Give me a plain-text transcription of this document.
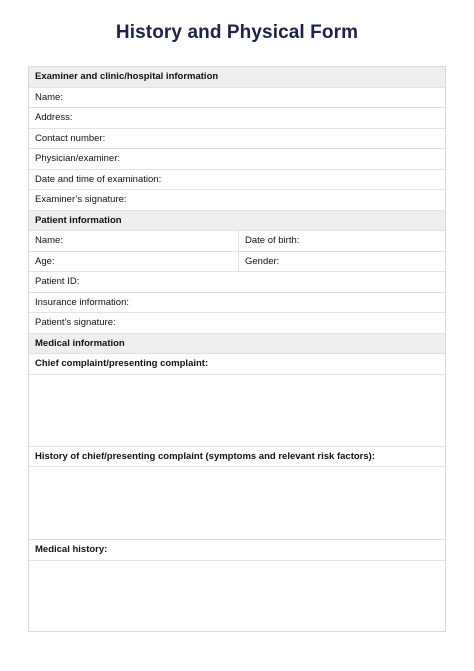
History and Physical Form
Examiner and clinic/hospital information
Name:
Address:
Contact number:
Physician/examiner:
Date and time of examination:
Examiner’s signature:
Patient information
Name:	Date of birth:
Age:	Gender:
Patient ID:
Insurance information:
Patient’s signature:
Medical information
Chief complaint/presenting complaint:
History of chief/presenting complaint (symptoms and relevant risk factors):
Medical history:
